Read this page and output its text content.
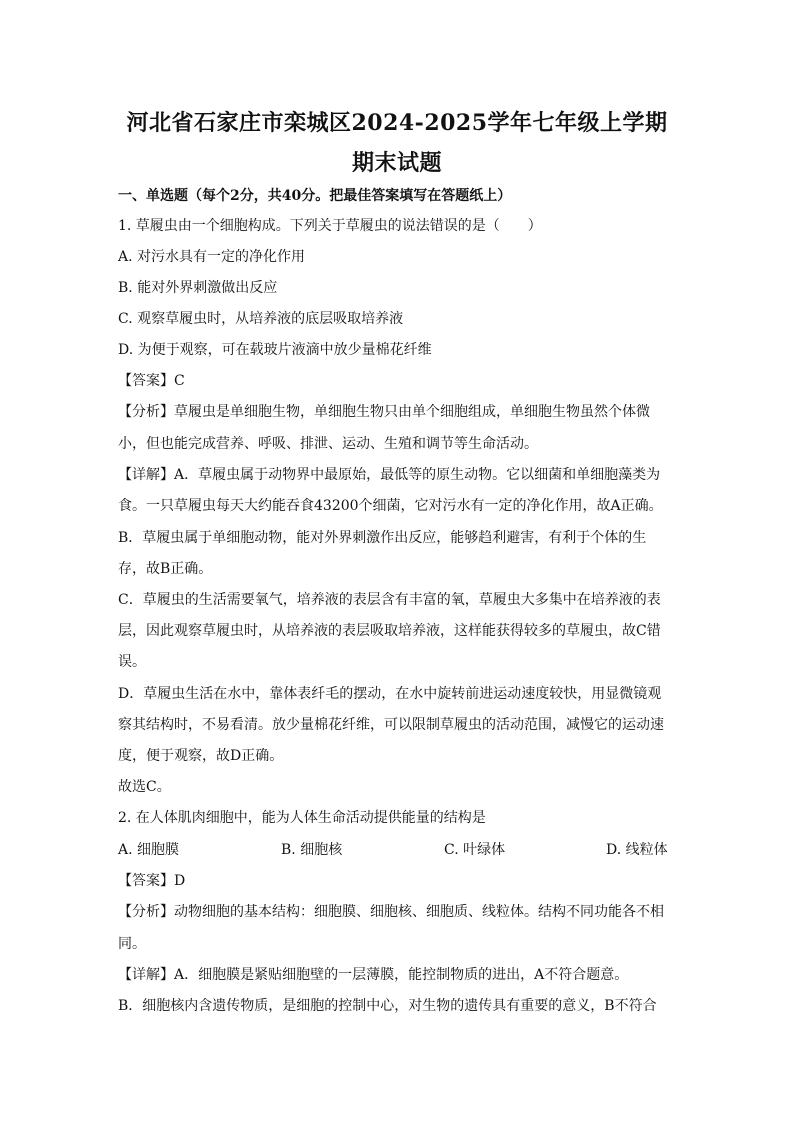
河北省石家庄市栾城区2024-2025学年七年级上学期
期末试题
一、单选题（每个2分，共40分。把最佳答案填写在答题纸上）
1. 草履虫由一个细胞构成。下列关于草履虫的说法错误的是（　　）
A. 对污水具有一定的净化作用
B. 能对外界刺激做出反应
C. 观察草履虫时，从培养液的底层吸取培养液
D. 为便于观察，可在载玻片液滴中放少量棉花纤维
【答案】C
【分析】草履虫是单细胞生物，单细胞生物只由单个细胞组成，单细胞生物虽然个体微
小，但也能完成营养、呼吸、排泄、运动、生殖和调节等生命活动。
【详解】A．草履虫属于动物界中最原始，最低等的原生动物。它以细菌和单细胞藻类为
食。一只草履虫每天大约能吞食43200个细菌，它对污水有一定的净化作用，故A正确。
B．草履虫属于单细胞动物，能对外界刺激作出反应，能够趋利避害，有利于个体的生
存，故B正确。
C．草履虫的生活需要氧气，培养液的表层含有丰富的氧，草履虫大多集中在培养液的表
层，因此观察草履虫时，从培养液的表层吸取培养液，这样能获得较多的草履虫，故C错
误。
D．草履虫生活在水中，靠体表纤毛的摆动，在水中旋转前进运动速度较快，用显微镜观
察其结构时，不易看清。放少量棉花纤维，可以限制草履虫的活动范围，减慢它的运动速
度，便于观察，故D正确。
故选C。
2. 在人体肌肉细胞中，能为人体生命活动提供能量的结构是
A. 细胞膜	B. 细胞核	C. 叶绿体	D. 线粒体
【答案】D
【分析】动物细胞的基本结构：细胞膜、细胞核、细胞质、线粒体。结构不同功能各不相
同。
【详解】A．细胞膜是紧贴细胞壁的一层薄膜，能控制物质的进出，A不符合题意。
B．细胞核内含遗传物质，是细胞的控制中心，对生物的遗传具有重要的意义，B不符合
